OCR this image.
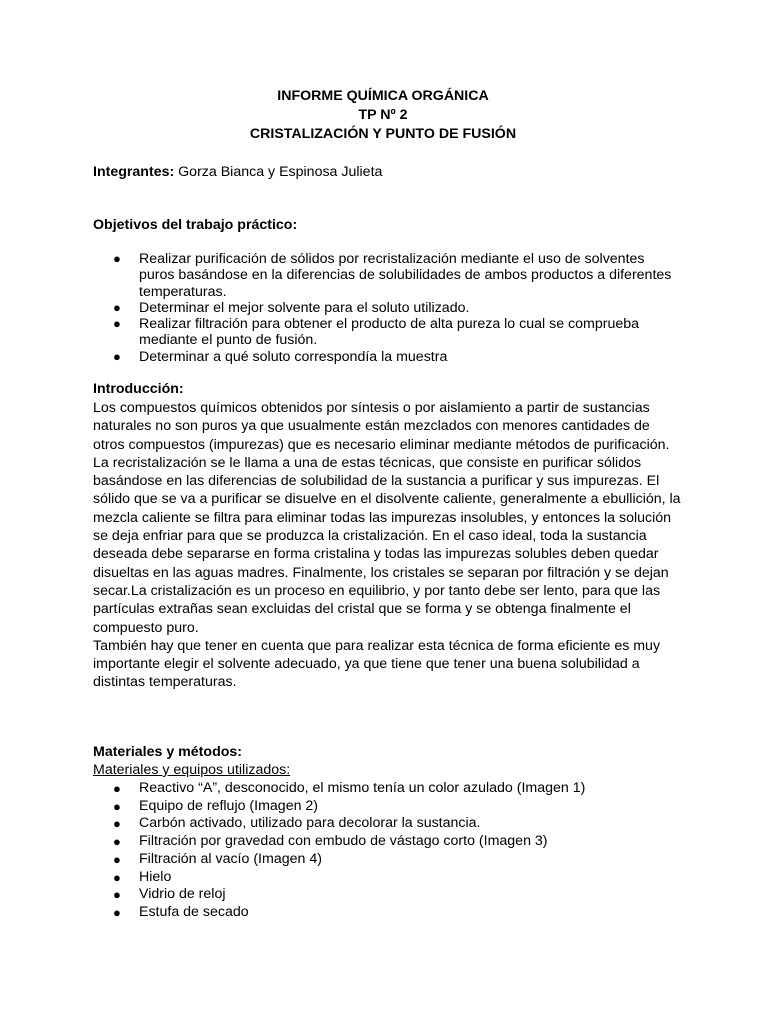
INFORME QUÍMICA ORGÁNICA
TP Nº 2
CRISTALIZACIÓN Y PUNTO DE FUSIÓN
Integrantes: Gorza Bianca y Espinosa Julieta
Objetivos del trabajo práctico:
● Realizar purificación de sólidos por recristalización mediante el uso de solventes puros basándose en la diferencias de solubilidades de ambos productos a diferentes temperaturas.
● Determinar el mejor solvente para el soluto utilizado.
● Realizar filtración para obtener el producto de alta pureza lo cual se comprueba mediante el punto de fusión.
● Determinar a qué soluto correspondía la muestra
Introducción:

Los compuestos químicos obtenidos por síntesis o por aislamiento a partir de sustancias naturales no son puros ya que usualmente están mezclados con menores cantidades de otros compuestos (impurezas) que es necesario eliminar mediante métodos de purificación.

La recristalización se le llama a una de estas técnicas, que consiste en purificar sólidos basándose en las diferencias de solubilidad de la sustancia a purificar y sus impurezas. El sólido que se va a purificar se disuelve en el disolvente caliente, generalmente a ebullición, la mezcla caliente se filtra para eliminar todas las impurezas insolubles, y entonces la solución se deja enfriar para que se produzca la cristalización. En el caso ideal, toda la sustancia deseada debe separarse en forma cristalina y todas las impurezas solubles deben quedar disueltas en las aguas madres. Finalmente, los cristales se separan por filtración y se dejan secar.La cristalización es un proceso en equilibrio, y por tanto debe ser lento, para que las partículas extrañas sean excluidas del cristal que se forma y se obtenga finalmente el compuesto puro.

También hay que tener en cuenta que para realizar esta técnica de forma eficiente es muy importante elegir el solvente adecuado, ya que tiene que tener una buena solubilidad a distintas temperaturas.

Materiales y métodos:
Materiales y equipos utilizados:
● Reactivo “A”, desconocido, el mismo tenía un color azulado (Imagen 1)
● Equipo de reflujo (Imagen 2)
● Carbón activado, utilizado para decolorar la sustancia.
● Filtración por gravedad con embudo de vástago corto (Imagen 3)
● Filtración al vacío (Imagen 4)
● Hielo
● Vidrio de reloj
● Estufa de secado
